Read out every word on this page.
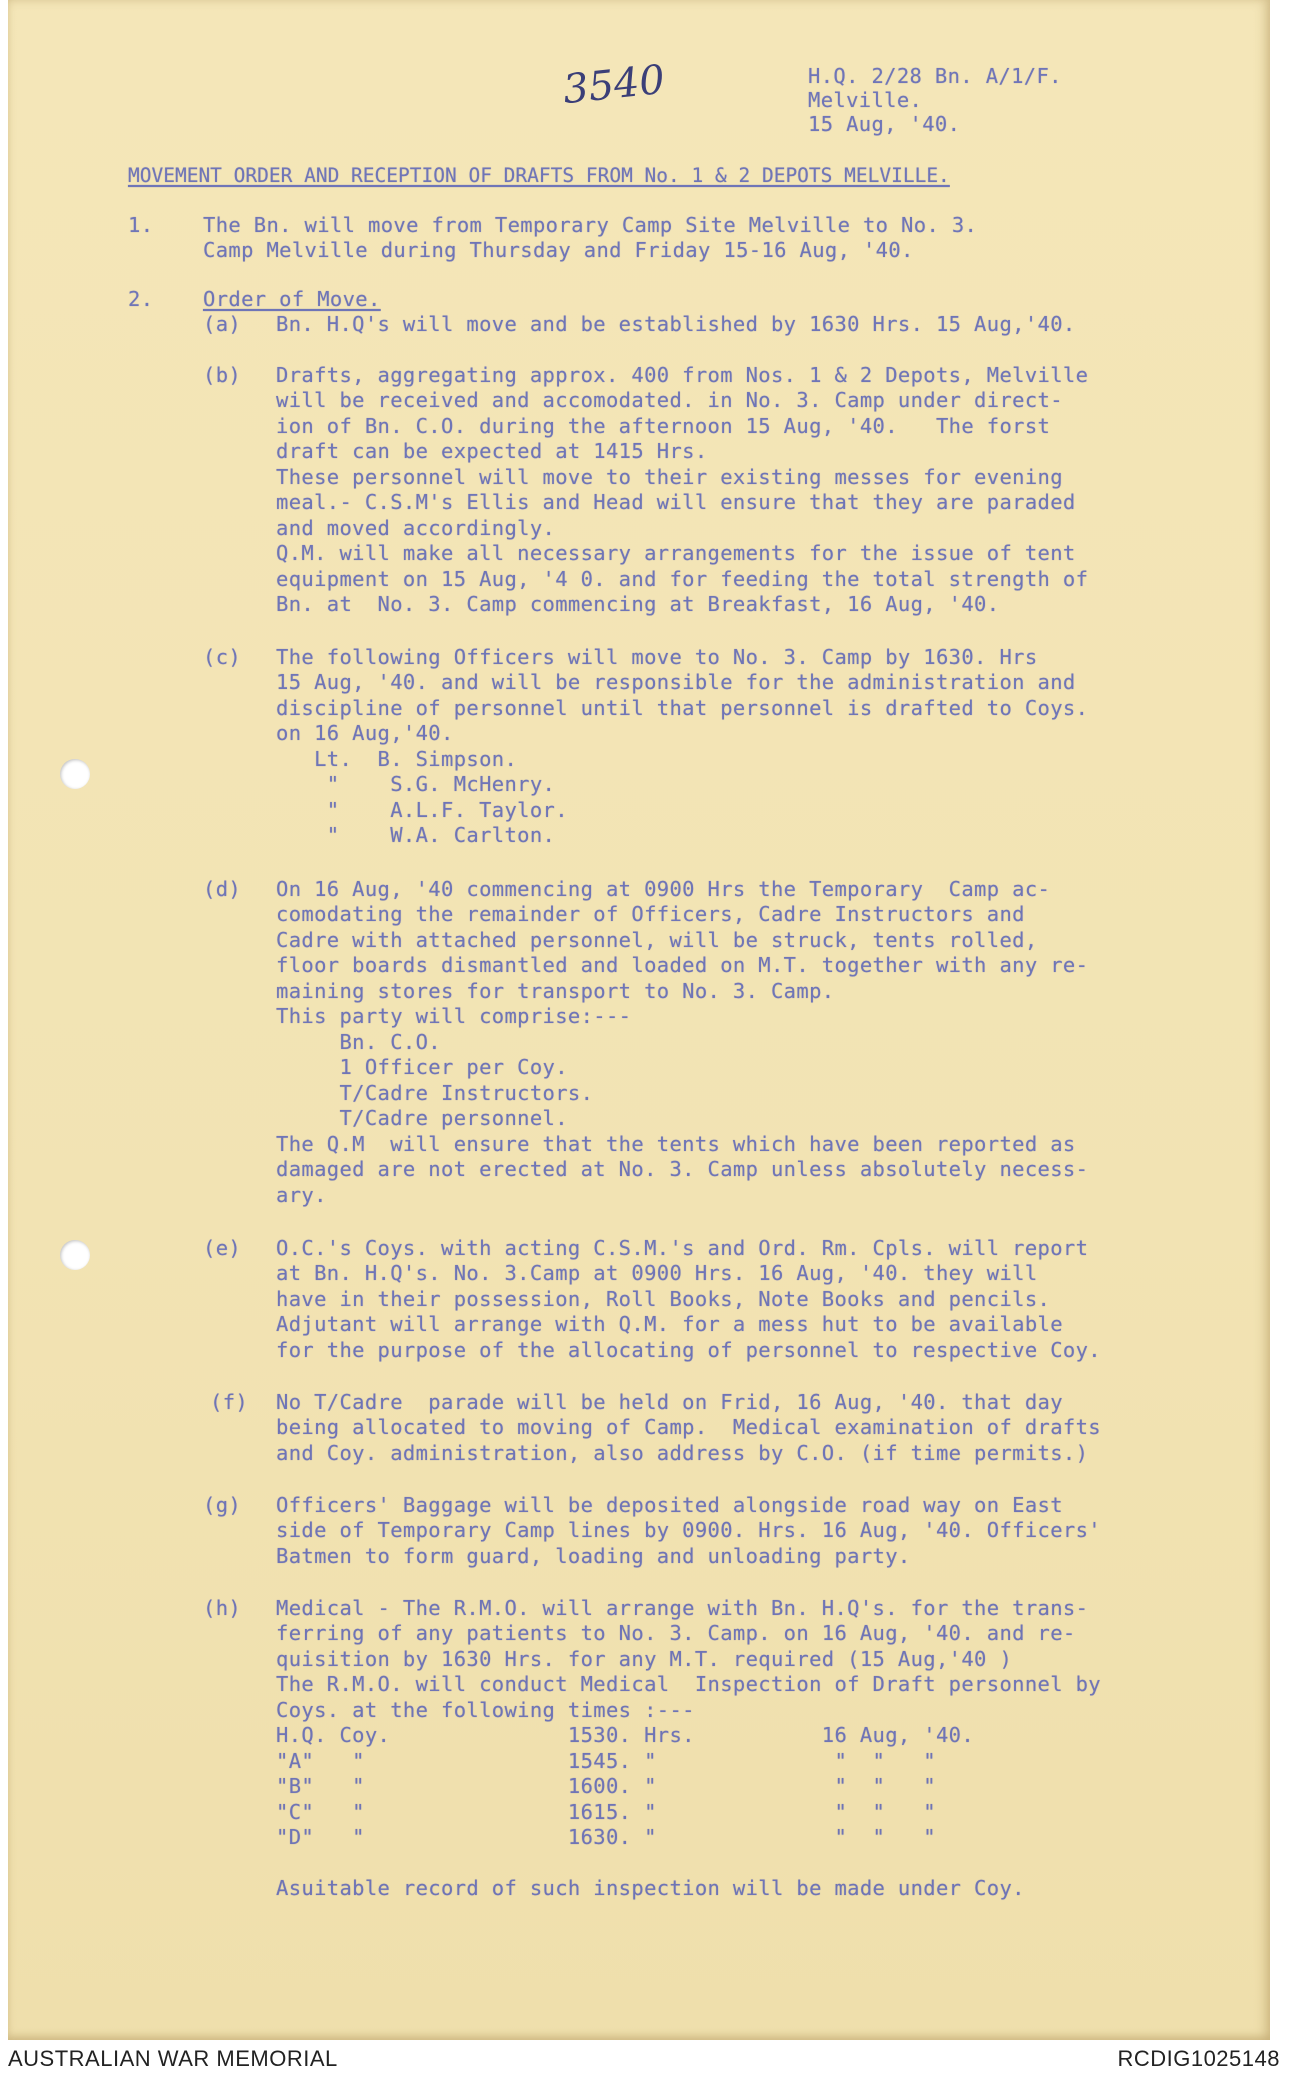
3540	H.Q. 2/28 Bn. A/1/F.
Melville.
15 Aug, '40.
MOVEMENT ORDER AND RECEPTION OF DRAFTS FROM No. 1 & 2 DEPOTS MELVILLE.
1. The Bn. will move from Temporary Camp Site Melville to No. 3.
Camp Melville during Thursday and Friday 15-16 Aug, '40.
2. Order of Move.
(a) Bn. H.Q's will move and be established by 1630 Hrs. 15 Aug,'40.
(b) Drafts, aggregating approx. 400 from Nos. 1 & 2 Depots, Melville
will be received and accomodated. in No. 3. Camp under direct-
ion of Bn. C.O. during the afternoon 15 Aug, '40.   The forst
draft can be expected at 1415 Hrs.
These personnel will move to their existing messes for evening
meal.- C.S.M's Ellis and Head will ensure that they are paraded
and moved accordingly.
Q.M. will make all necessary arrangements for the issue of tent
equipment on 15 Aug, '4 0. and for feeding the total strength of
Bn. at  No. 3. Camp commencing at Breakfast, 16 Aug, '40.
(c) The following Officers will move to No. 3. Camp by 1630. Hrs
15 Aug, '40. and will be responsible for the administration and
discipline of personnel until that personnel is drafted to Coys.
on 16 Aug,'40.
Lt.  B. Simpson.
"    S.G. McHenry.
"    A.L.F. Taylor.
"    W.A. Carlton.
(d) On 16 Aug, '40 commencing at 0900 Hrs the Temporary  Camp ac-
comodating the remainder of Officers, Cadre Instructors and
Cadre with attached personnel, will be struck, tents rolled,
floor boards dismantled and loaded on M.T. together with any re-
maining stores for transport to No. 3. Camp.
This party will comprise:---
Bn. C.O.
1 Officer per Coy.
T/Cadre Instructors.
T/Cadre personnel.
The Q.M  will ensure that the tents which have been reported as
damaged are not erected at No. 3. Camp unless absolutely necess-
ary.
(e) O.C.'s Coys. with acting C.S.M.'s and Ord. Rm. Cpls. will report
at Bn. H.Q's. No. 3.Camp at 0900 Hrs. 16 Aug, '40. they will
have in their possession, Roll Books, Note Books and pencils.
Adjutant will arrange with Q.M. for a mess hut to be available
for the purpose of the allocating of personnel to respective Coy.
(f) No T/Cadre  parade will be held on Frid, 16 Aug, '40. that day
being allocated to moving of Camp.  Medical examination of drafts
and Coy. administration, also address by C.O. (if time permits.)
(g) Officers' Baggage will be deposited alongside road way on East
side of Temporary Camp lines by 0900. Hrs. 16 Aug, '40. Officers'
Batmen to form guard, loading and unloading party.
(h) Medical - The R.M.O. will arrange with Bn. H.Q's. for the trans-
ferring of any patients to No. 3. Camp. on 16 Aug, '40. and re-
quisition by 1630 Hrs. for any M.T. required (15 Aug,'40 )
The R.M.O. will conduct Medical  Inspection of Draft personnel by
Coys. at the following times :---
H.Q. Coy.              1530. Hrs.          16 Aug, '40.
"A"   "                1545. "              "  "   "
"B"   "                1600. "              "  "   "
"C"   "                1615. "              "  "   "
"D"   "                1630. "              "  "   "
Asuitable record of such inspection will be made under Coy.
AUSTRALIAN WAR MEMORIAL	RCDIG1025148
